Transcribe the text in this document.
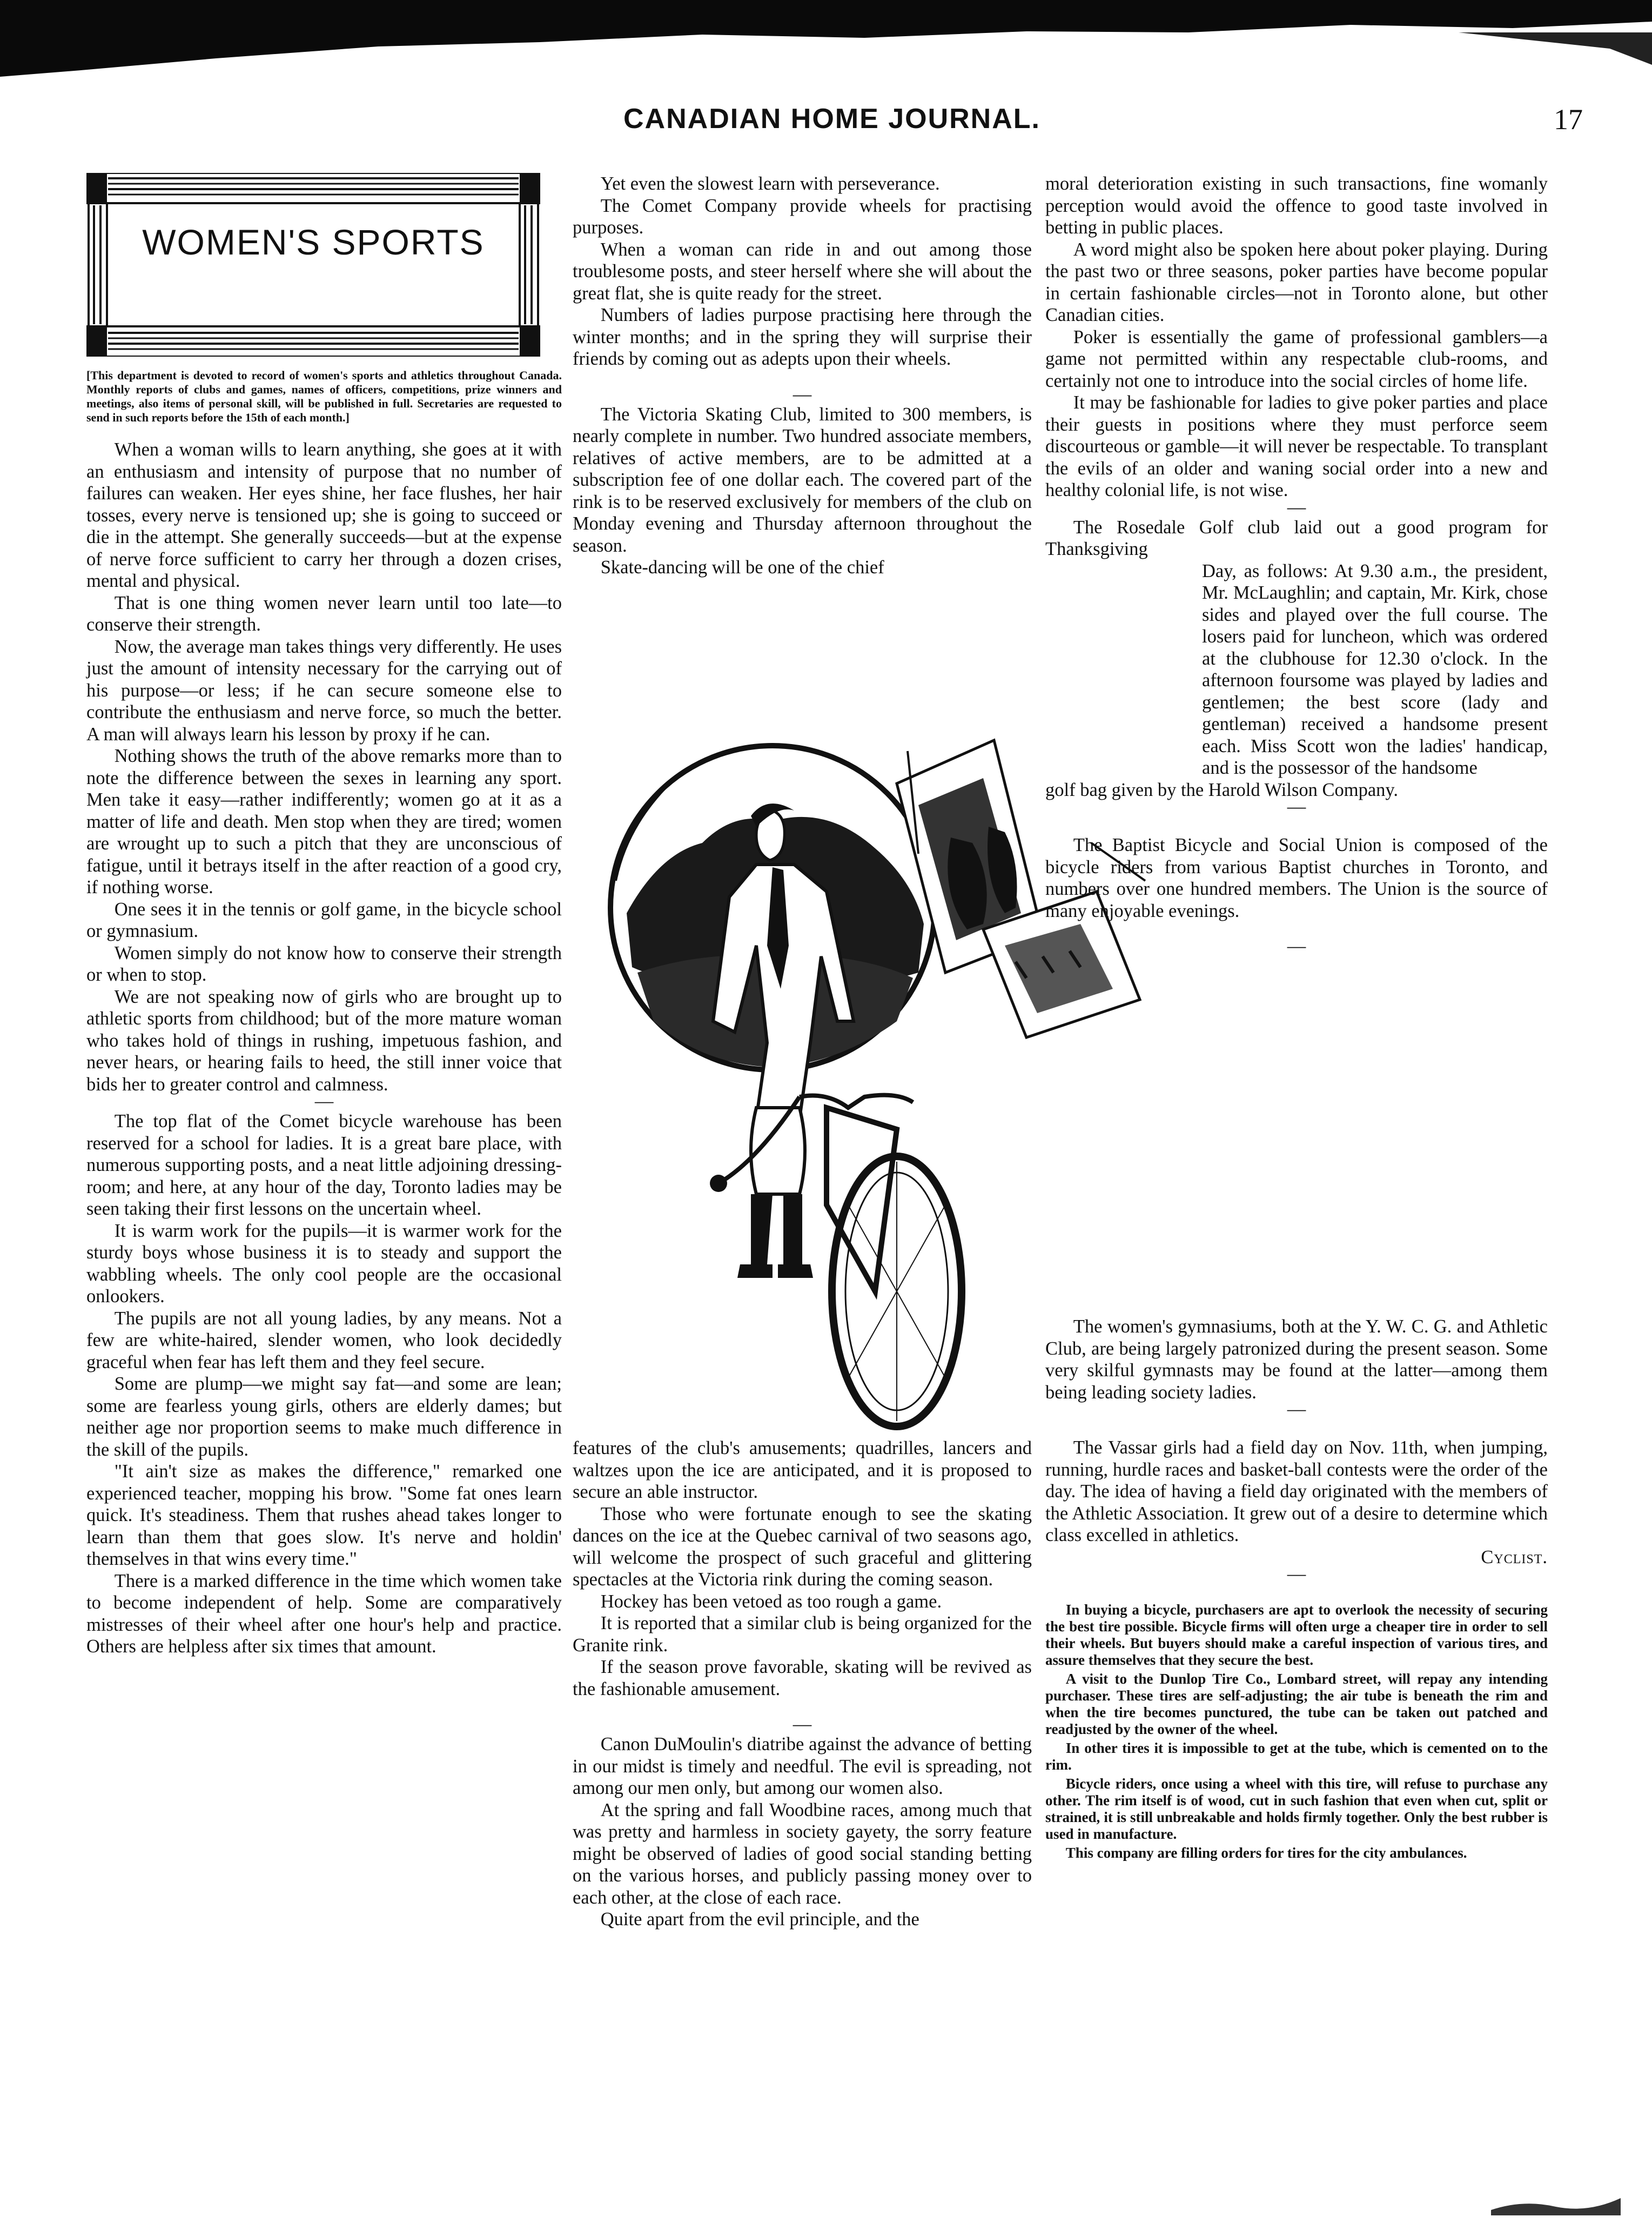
CANADIAN HOME JOURNAL.	17
WOMEN'S SPORTS
[This department is devoted to record of women's sports and athletics throughout Canada. Monthly reports of clubs and games, names of officers, competitions, prize winners and meetings, also items of personal skill, will be published in full. Secretaries are requested to send in such reports before the 15th of each month.]

When a woman wills to learn anything, she goes at it with an enthusiasm and intensity of purpose that no number of failures can weaken. Her eyes shine, her face flushes, her hair tosses, every nerve is tensioned up; she is going to succeed or die in the attempt. She generally succeeds—but at the expense of nerve force sufficient to carry her through a dozen crises, mental and physical.

That is one thing women never learn until too late—to conserve their strength.

Now, the average man takes things very differently. He uses just the amount of intensity necessary for the carrying out of his purpose—or less; if he can secure someone else to contribute the enthusiasm and nerve force, so much the better. A man will always learn his lesson by proxy if he can.

Nothing shows the truth of the above remarks more than to note the difference between the sexes in learning any sport. Men take it easy—rather indifferently; women go at it as a matter of life and death. Men stop when they are tired; women are wrought up to such a pitch that they are unconscious of fatigue, until it betrays itself in the after reaction of a good cry, if nothing worse.

One sees it in the tennis or golf game, in the bicycle school or gymnasium.

Women simply do not know how to conserve their strength or when to stop.

We are not speaking now of girls who are brought up to athletic sports from childhood; but of the more mature woman who takes hold of things in rushing, impetuous fashion, and never hears, or hearing fails to heed, the still inner voice that bids her to greater control and calmness.

—

The top flat of the Comet bicycle warehouse has been reserved for a school for ladies. It is a great bare place, with numerous supporting posts, and a neat little adjoining dressing-room; and here, at any hour of the day, Toronto ladies may be seen taking their first lessons on the uncertain wheel.

It is warm work for the pupils—it is warmer work for the sturdy boys whose business it is to steady and support the wabbling wheels. The only cool people are the occasional onlookers.

The pupils are not all young ladies, by any means. Not a few are white-haired, slender women, who look decidedly graceful when fear has left them and they feel secure.

Some are plump—we might say fat—and some are lean; some are fearless young girls, others are elderly dames; but neither age nor proportion seems to make much difference in the skill of the pupils.

"It ain't size as makes the difference," remarked one experienced teacher, mopping his brow. "Some fat ones learn quick. It's steadiness. Them that rushes ahead takes longer to learn than them that goes slow. It's nerve and holdin' themselves in that wins every time."

There is a marked difference in the time which women take to become independent of help. Some are comparatively mistresses of their wheel after one hour's help and practice. Others are helpless after six times that amount.

Yet even the slowest learn with perseverance.

The Comet Company provide wheels for practising purposes.

When a woman can ride in and out among those troublesome posts, and steer herself where she will about the great flat, she is quite ready for the street.

Numbers of ladies purpose practising here through the winter months; and in the spring they will surprise their friends by coming out as adepts upon their wheels.

—

The Victoria Skating Club, limited to 300 members, is nearly complete in number. Two hundred associate members, relatives of active members, are to be admitted at a subscription fee of one dollar each. The covered part of the rink is to be reserved exclusively for members of the club on Monday evening and Thursday afternoon throughout the season.

Skate-dancing will be one of the chief

features of the club's amusements; quadrilles, lancers and waltzes upon the ice are anticipated, and it is proposed to secure an able instructor.

Those who were fortunate enough to see the skating dances on the ice at the Quebec carnival of two seasons ago, will welcome the prospect of such graceful and glittering spectacles at the Victoria rink during the coming season.

Hockey has been vetoed as too rough a game.

It is reported that a similar club is being organized for the Granite rink.

If the season prove favorable, skating will be revived as the fashionable amusement.

—

Canon DuMoulin's diatribe against the advance of betting in our midst is timely and needful. The evil is spreading, not among our men only, but among our women also.

At the spring and fall Woodbine races, among much that was pretty and harmless in society gayety, the sorry feature might be observed of ladies of good social standing betting on the various horses, and publicly passing money over to each other, at the close of each race.

Quite apart from the evil principle, and the

moral deterioration existing in such transactions, fine womanly perception would avoid the offence to good taste involved in betting in public places.

A word might also be spoken here about poker playing. During the past two or three seasons, poker parties have become popular in certain fashionable circles—not in Toronto alone, but other Canadian cities.

Poker is essentially the game of professional gamblers—a game not permitted within any respectable club-rooms, and certainly not one to introduce into the social circles of home life.

It may be fashionable for ladies to give poker parties and place their guests in positions where they must perforce seem discourteous or gamble—it will never be respectable. To transplant the evils of an older and waning social order into a new and healthy colonial life, is not wise.

—

The Rosedale Golf club laid out a good program for Thanksgiving

Day, as follows: At 9.30 a.m., the president, Mr. McLaughlin; and captain, Mr. Kirk, chose sides and played over the full course. The losers paid for luncheon, which was ordered at the clubhouse for 12.30 o'clock. In the afternoon foursome was played by ladies and gentlemen; the best score (lady and gentleman) received a handsome present each. Miss Scott won the ladies' handicap, and is the possessor of the handsome

golf bag given by the Harold Wilson Company.

—

The Baptist Bicycle and Social Union is composed of the bicycle riders from various Baptist churches in Toronto, and numbers over one hundred members. The Union is the source of many enjoyable evenings.

—

The women's gymnasiums, both at the Y. W. C. G. and Athletic Club, are being largely patronized during the present season. Some very skilful gymnasts may be found at the latter—among them being leading society ladies.

—

The Vassar girls had a field day on Nov. 11th, when jumping, running, hurdle races and basket-ball contests were the order of the day. The idea of having a field day originated with the members of the Athletic Association. It grew out of a desire to determine which class excelled in athletics.

Cyclist.
—

In buying a bicycle, purchasers are apt to overlook the necessity of securing the best tire possible. Bicycle firms will often urge a cheaper tire in order to sell their wheels. But buyers should make a careful inspection of various tires, and assure themselves that they secure the best.

A visit to the Dunlop Tire Co., Lombard street, will repay any intending purchaser. These tires are self-adjusting; the air tube is beneath the rim and when the tire becomes punctured, the tube can be taken out patched and readjusted by the owner of the wheel.

In other tires it is impossible to get at the tube, which is cemented on to the rim.

Bicycle riders, once using a wheel with this tire, will refuse to purchase any other. The rim itself is of wood, cut in such fashion that even when cut, split or strained, it is still unbreakable and holds firmly together. Only the best rubber is used in manufacture.

This company are filling orders for tires for the city ambulances.
